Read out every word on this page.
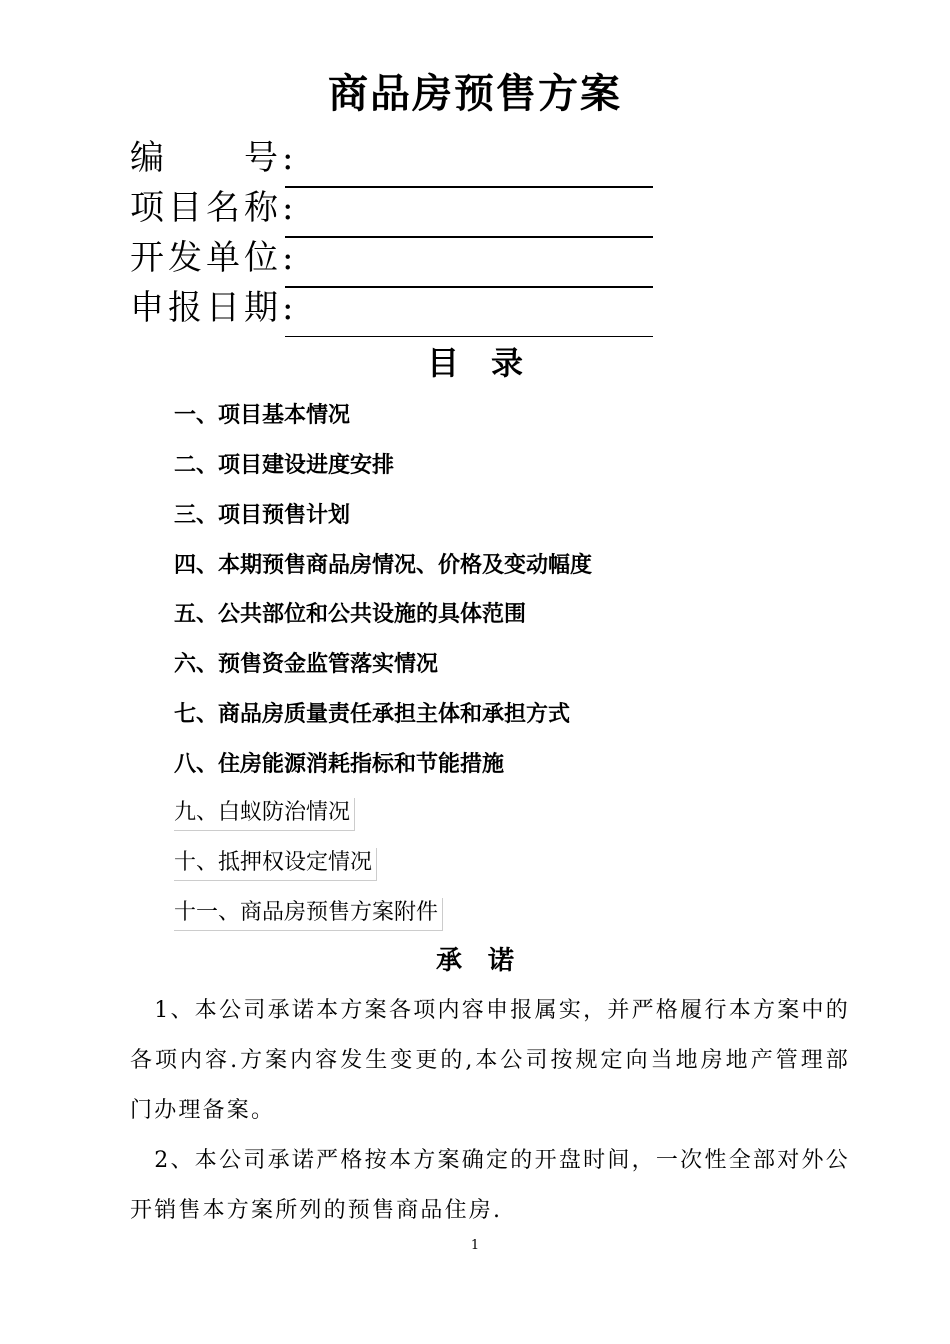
商品房预售方案
编　　号:
项目名称:
开发单位:
申报日期:
目　录
一、项目基本情况
二、项目建设进度安排
三、项目预售计划
四、本期预售商品房情况、价格及变动幅度
五、公共部位和公共设施的具体范围
六、预售资金监管落实情况
七、商品房质量责任承担主体和承担方式
八、住房能源消耗指标和节能措施
九、白蚁防治情况
十、抵押权设定情况
十一、商品房预售方案附件
承　诺

　1、本公司承诺本方案各项内容申报属实，并严格履行本方案中的各项内容.方案内容发生变更的,本公司按规定向当地房地产管理部门办理备案。

　2、本公司承诺严格按本方案确定的开盘时间，一次性全部对外公开销售本方案所列的预售商品住房.

1
